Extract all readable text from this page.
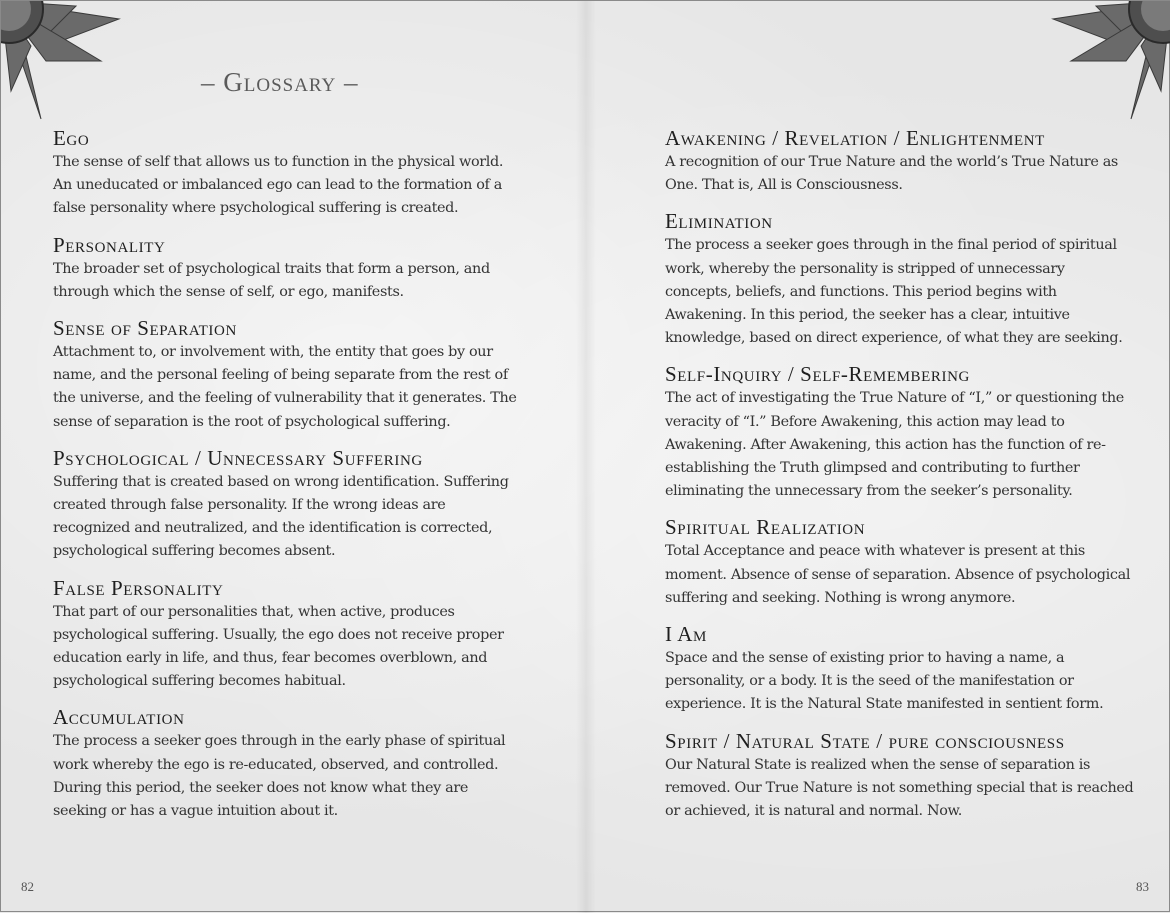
– Glossary –

Ego

The sense of self that allows us to function in the physical world. An uneducated or imbalanced ego can lead to the formation of a false personality where psychological suffering is created.

Personality

The broader set of psychological traits that form a person, and through which the sense of self, or ego, manifests.

Sense of Separation

Attachment to, or involvement with, the entity that goes by our name, and the personal feeling of being separate from the rest of the universe, and the feeling of vulnerability that it generates. The sense of separation is the root of psychological suffering.

Psychological / Unnecessary Suffering

Suffering that is created based on wrong identification. Suffering created through false personality. If the wrong ideas are recognized and neutralized, and the identification is corrected, psychological suffering becomes absent.

False Personality

That part of our personalities that, when active, produces psychological suffering. Usually, the ego does not receive proper education early in life, and thus, fear becomes overblown, and psychological suffering becomes habitual.

Accumulation

The process a seeker goes through in the early phase of spiritual work whereby the ego is re-educated, observed, and controlled. During this period, the seeker does not know what they are seeking or has a vague intuition about it.

82

Awakening / Revelation / Enlightenment

A recognition of our True Nature and the world’s True Nature as One. That is, All is Consciousness.

Elimination

The process a seeker goes through in the final period of spiritual work, whereby the personality is stripped of unnecessary concepts, beliefs, and functions. This period begins with Awakening. In this period, the seeker has a clear, intuitive knowledge, based on direct experience, of what they are seeking.

Self-Inquiry / Self-Remembering

The act of investigating the True Nature of “I,” or questioning the veracity of “I.” Before Awakening, this action may lead to Awakening. After Awakening, this action has the function of re-establishing the Truth glimpsed and contributing to further eliminating the unnecessary from the seeker’s personality.

Spiritual Realization

Total Acceptance and peace with whatever is present at this moment. Absence of sense of separation. Absence of psychological suffering and seeking. Nothing is wrong anymore.

I Am

Space and the sense of existing prior to having a name, a personality, or a body. It is the seed of the manifestation or experience. It is the Natural State manifested in sentient form.

Spirit / Natural State / pure consciousness

Our Natural State is realized when the sense of separation is removed. Our True Nature is not something special that is reached or achieved, it is natural and normal. Now.

83
